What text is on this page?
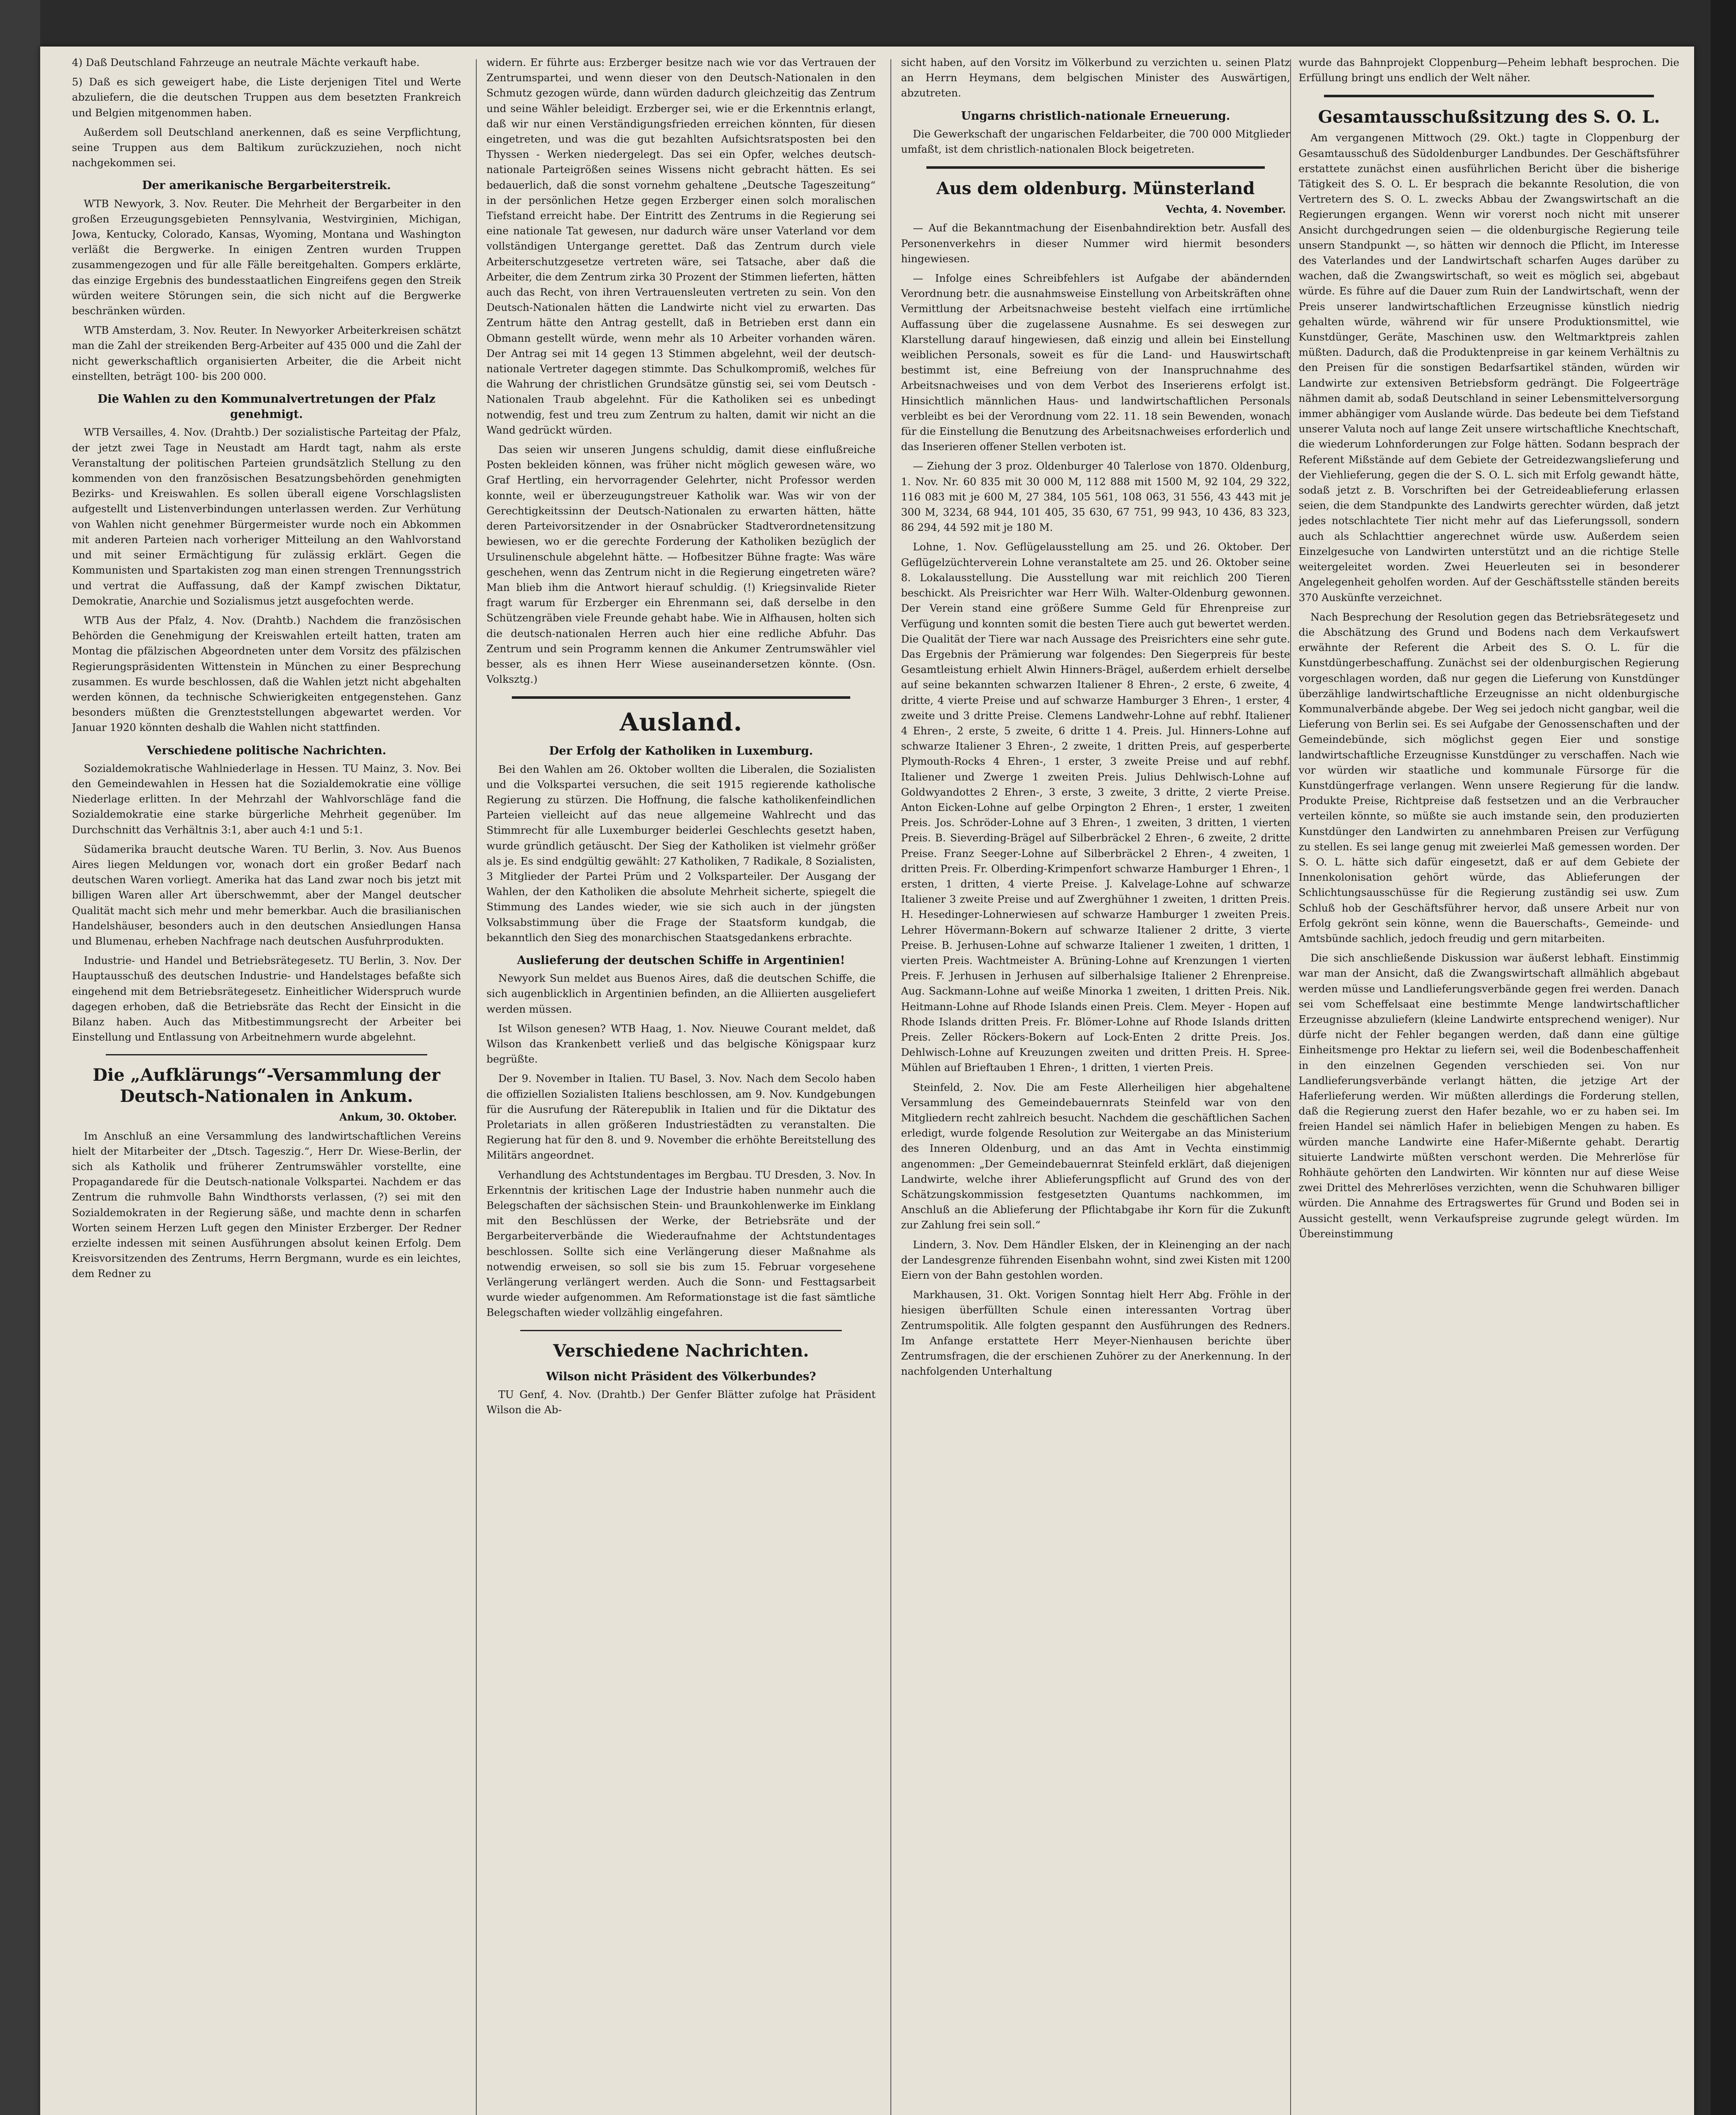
4) Daß Deutschland Fahrzeuge an neutrale Mächte verkauft habe.

5) Daß es sich geweigert habe, die Liste derjenigen Titel und Werte abzuliefern, die die deutschen Truppen aus dem besetzten Frankreich und Belgien mitgenommen haben.

Außerdem soll Deutschland anerkennen, daß es seine Verpflichtung, seine Truppen aus dem Baltikum zurückzuziehen, noch nicht nachgekommen sei.

Der amerikanische Bergarbeiterstreik.

WTB Newyork, 3. Nov. Reuter. Die Mehrheit der Bergarbeiter in den großen Erzeugungsgebieten Pennsylvania, Westvirginien, Michigan, Jowa, Kentucky, Colorado, Kansas, Wyoming, Montana und Washington verläßt die Bergwerke. In einigen Zentren wurden Truppen zusammengezogen und für alle Fälle bereitgehalten. Gompers erklärte, das einzige Ergebnis des bundesstaatlichen Eingreifens gegen den Streik würden weitere Störungen sein, die sich nicht auf die Bergwerke beschränken würden.

WTB Amsterdam, 3. Nov. Reuter. In Newyorker Arbeiterkreisen schätzt man die Zahl der streikenden Berg-Arbeiter auf 435 000 und die Zahl der nicht gewerkschaftlich organisierten Arbeiter, die die Arbeit nicht einstellten, beträgt 100- bis 200 000.

Die Wahlen zu den Kommunalvertretungen der Pfalz genehmigt.

WTB Versailles, 4. Nov. (Drahtb.) Der sozialistische Parteitag der Pfalz, der jetzt zwei Tage in Neustadt am Hardt tagt, nahm als erste Veranstaltung der politischen Parteien grundsätzlich Stellung zu den kommenden von den französischen Besatzungsbehörden genehmigten Bezirks- und Kreiswahlen. Es sollen überall eigene Vorschlagslisten aufgestellt und Listenverbindungen unterlassen werden. Zur Verhütung von Wahlen nicht genehmer Bürgermeister wurde noch ein Abkommen mit anderen Parteien nach vorheriger Mitteilung an den Wahlvorstand und mit seiner Ermächtigung für zulässig erklärt. Gegen die Kommunisten und Spartakisten zog man einen strengen Trennungsstrich und vertrat die Auffassung, daß der Kampf zwischen Diktatur, Demokratie, Anarchie und Sozialismus jetzt ausgefochten werde.

WTB Aus der Pfalz, 4. Nov. (Drahtb.) Nachdem die französischen Behörden die Genehmigung der Kreiswahlen erteilt hatten, traten am Montag die pfälzischen Abgeordneten unter dem Vorsitz des pfälzischen Regierungspräsidenten Wittenstein in München zu einer Besprechung zusammen. Es wurde beschlossen, daß die Wahlen jetzt nicht abgehalten werden können, da technische Schwierigkeiten entgegenstehen. Ganz besonders müßten die Grenzteststellungen abgewartet werden. Vor Januar 1920 könnten deshalb die Wahlen nicht stattfinden.

Verschiedene politische Nachrichten.

Sozialdemokratische Wahlniederlage in Hessen. TU Mainz, 3. Nov. Bei den Gemeindewahlen in Hessen hat die Sozialdemokratie eine völlige Niederlage erlitten. In der Mehrzahl der Wahlvorschläge fand die Sozialdemokratie eine starke bürgerliche Mehrheit gegenüber. Im Durchschnitt das Verhältnis 3:1, aber auch 4:1 und 5:1.

Südamerika braucht deutsche Waren. TU Berlin, 3. Nov. Aus Buenos Aires liegen Meldungen vor, wonach dort ein großer Bedarf nach deutschen Waren vorliegt. Amerika hat das Land zwar noch bis jetzt mit billigen Waren aller Art überschwemmt, aber der Mangel deutscher Qualität macht sich mehr und mehr bemerkbar. Auch die brasilianischen Handelshäuser, besonders auch in den deutschen Ansiedlungen Hansa und Blumenau, erheben Nachfrage nach deutschen Ausfuhrprodukten.

Industrie- und Handel und Betriebsrätegesetz. TU Berlin, 3. Nov. Der Hauptausschuß des deutschen Industrie- und Handelstages befaßte sich eingehend mit dem Betriebsrätegesetz. Einheitlicher Widerspruch wurde dagegen erhoben, daß die Betriebsräte das Recht der Einsicht in die Bilanz haben. Auch das Mitbestimmungsrecht der Arbeiter bei Einstellung und Entlassung von Arbeitnehmern wurde abgelehnt.

Die „Aufklärungs“-Versammlung der Deutsch-Nationalen in Ankum.
Ankum, 30. Oktober.

Im Anschluß an eine Versammlung des landwirtschaftlichen Vereins hielt der Mitarbeiter der „Dtsch. Tageszig.“, Herr Dr. Wiese-Berlin, der sich als Katholik und früherer Zentrumswähler vorstellte, eine Propagandarede für die Deutsch-nationale Volkspartei. Nachdem er das Zentrum die ruhmvolle Bahn Windthorsts verlassen, (?) sei mit den Sozialdemokraten in der Regierung säße, und machte denn in scharfen Worten seinem Herzen Luft gegen den Minister Erzberger. Der Redner erzielte indessen mit seinen Ausführungen absolut keinen Erfolg. Dem Kreisvorsitzenden des Zentrums, Herrn Bergmann, wurde es ein leichtes, dem Redner zu

widern. Er führte aus: Erzberger besitze nach wie vor das Vertrauen der Zentrumspartei, und wenn dieser von den Deutsch-Nationalen in den Schmutz gezogen würde, dann würden dadurch gleichzeitig das Zentrum und seine Wähler beleidigt. Erzberger sei, wie er die Erkenntnis erlangt, daß wir nur einen Verständigungsfrieden erreichen könnten, für diesen eingetreten, und was die gut bezahlten Aufsichtsratsposten bei den Thyssen - Werken niedergelegt. Das sei ein Opfer, welches deutsch-nationale Parteigrößen seines Wissens nicht gebracht hätten. Es sei bedauerlich, daß die sonst vornehm gehaltene „Deutsche Tageszeitung“ in der persönlichen Hetze gegen Erzberger einen solch moralischen Tiefstand erreicht habe. Der Eintritt des Zentrums in die Regierung sei eine nationale Tat gewesen, nur dadurch wäre unser Vaterland vor dem vollständigen Untergange gerettet. Daß das Zentrum durch viele Arbeiterschutzgesetze vertreten wäre, sei Tatsache, aber daß die Arbeiter, die dem Zentrum zirka 30 Prozent der Stimmen lieferten, hätten auch das Recht, von ihren Vertrauensleuten vertreten zu sein. Von den Deutsch-Nationalen hätten die Landwirte nicht viel zu erwarten. Das Zentrum hätte den Antrag gestellt, daß in Betrieben erst dann ein Obmann gestellt würde, wenn mehr als 10 Arbeiter vorhanden wären. Der Antrag sei mit 14 gegen 13 Stimmen abgelehnt, weil der deutsch-nationale Vertreter dagegen stimmte. Das Schulkompromiß, welches für die Wahrung der christlichen Grundsätze günstig sei, sei vom Deutsch - Nationalen Traub abgelehnt. Für die Katholiken sei es unbedingt notwendig, fest und treu zum Zentrum zu halten, damit wir nicht an die Wand gedrückt würden.

Das seien wir unseren Jungens schuldig, damit diese einflußreiche Posten bekleiden können, was früher nicht möglich gewesen wäre, wo Graf Hertling, ein hervorragender Gelehrter, nicht Professor werden konnte, weil er überzeugungstreuer Katholik war. Was wir von der Gerechtigkeitssinn der Deutsch-Nationalen zu erwarten hätten, hätte deren Parteivorsitzender in der Osnabrücker Stadtverordnetensitzung bewiesen, wo er die gerechte Forderung der Katholiken bezüglich der Ursulinenschule abgelehnt hätte. — Hofbesitzer Bühne fragte: Was wäre geschehen, wenn das Zentrum nicht in die Regierung eingetreten wäre? Man blieb ihm die Antwort hierauf schuldig. (!) Kriegsinvalide Rieter fragt warum für Erzberger ein Ehrenmann sei, daß derselbe in den Schützengräben viele Freunde gehabt habe. Wie in Alfhausen, holten sich die deutsch-nationalen Herren auch hier eine redliche Abfuhr. Das Zentrum und sein Programm kennen die Ankumer Zentrumswähler viel besser, als es ihnen Herr Wiese auseinandersetzen könnte. (Osn. Volksztg.)

Ausland.
Der Erfolg der Katholiken in Luxemburg.

Bei den Wahlen am 26. Oktober wollten die Liberalen, die Sozialisten und die Volkspartei versuchen, die seit 1915 regierende katholische Regierung zu stürzen. Die Hoffnung, die falsche katholikenfeindlichen Parteien vielleicht auf das neue allgemeine Wahlrecht und das Stimmrecht für alle Luxemburger beiderlei Geschlechts gesetzt haben, wurde gründlich getäuscht. Der Sieg der Katholiken ist vielmehr größer als je. Es sind endgültig gewählt: 27 Katholiken, 7 Radikale, 8 Sozialisten, 3 Mitglieder der Partei Prüm und 2 Volksparteiler. Der Ausgang der Wahlen, der den Katholiken die absolute Mehrheit sicherte, spiegelt die Stimmung des Landes wieder, wie sie sich auch in der jüngsten Volksabstimmung über die Frage der Staatsform kundgab, die bekanntlich den Sieg des monarchischen Staatsgedankens erbrachte.

Auslieferung der deutschen Schiffe in Argentinien!

Newyork Sun meldet aus Buenos Aires, daß die deutschen Schiffe, die sich augenblicklich in Argentinien befinden, an die Alliierten ausgeliefert werden müssen.

Ist Wilson genesen? WTB Haag, 1. Nov. Nieuwe Courant meldet, daß Wilson das Krankenbett verließ und das belgische Königspaar kurz begrüßte.

Der 9. November in Italien. TU Basel, 3. Nov. Nach dem Secolo haben die offiziellen Sozialisten Italiens beschlossen, am 9. Nov. Kundgebungen für die Ausrufung der Räterepublik in Italien und für die Diktatur des Proletariats in allen größeren Industriestädten zu veranstalten. Die Regierung hat für den 8. und 9. November die erhöhte Bereitstellung des Militärs angeordnet.

Verhandlung des Achtstundentages im Bergbau. TU Dresden, 3. Nov. In Erkenntnis der kritischen Lage der Industrie haben nunmehr auch die Belegschaften der sächsischen Stein- und Braunkohlenwerke im Einklang mit den Beschlüssen der Werke, der Betriebsräte und der Bergarbeiterverbände die Wiederaufnahme der Achtstundentages beschlossen. Sollte sich eine Verlängerung dieser Maßnahme als notwendig erweisen, so soll sie bis zum 15. Februar vorgesehene Verlängerung verlängert werden. Auch die Sonn- und Festtagsarbeit wurde wieder aufgenommen. Am Reformationstage ist die fast sämtliche Belegschaften wieder vollzählig eingefahren.

Verschiedene Nachrichten.
Wilson nicht Präsident des Völkerbundes?

TU Genf, 4. Nov. (Drahtb.) Der Genfer Blätter zufolge hat Präsident Wilson die Ab-

sicht haben, auf den Vorsitz im Völkerbund zu verzichten u. seinen Platz an Herrn Heymans, dem belgischen Minister des Auswärtigen, abzutreten.

Ungarns christlich-nationale Erneuerung.

Die Gewerkschaft der ungarischen Feldarbeiter, die 700 000 Mitglieder umfaßt, ist dem christlich-nationalen Block beigetreten.

Aus dem oldenburg. Münsterland
Vechta, 4. November.

— Auf die Bekanntmachung der Eisenbahndirektion betr. Ausfall des Personenverkehrs in dieser Nummer wird hiermit besonders hingewiesen.

— Infolge eines Schreibfehlers ist Aufgabe der abändernden Verordnung betr. die ausnahmsweise Einstellung von Arbeitskräften ohne Vermittlung der Arbeitsnachweise besteht vielfach eine irrtümliche Auffassung über die zugelassene Ausnahme. Es sei deswegen zur Klarstellung darauf hingewiesen, daß einzig und allein bei Einstellung weiblichen Personals, soweit es für die Land- und Hauswirtschaft bestimmt ist, eine Befreiung von der Inanspruchnahme des Arbeitsnachweises und von dem Verbot des Inserierens erfolgt ist. Hinsichtlich männlichen Haus- und landwirtschaftlichen Personals verbleibt es bei der Verordnung vom 22. 11. 18 sein Bewenden, wonach für die Einstellung die Benutzung des Arbeitsnachweises erforderlich und das Inserieren offener Stellen verboten ist.

— Ziehung der 3 proz. Oldenburger 40 Talerlose von 1870. Oldenburg, 1. Nov. Nr. 60 835 mit 30 000 M, 112 888 mit 1500 M, 92 104, 29 322, 116 083 mit je 600 M, 27 384, 105 561, 108 063, 31 556, 43 443 mit je 300 M, 3234, 68 944, 101 405, 35 630, 67 751, 99 943, 10 436, 83 323, 86 294, 44 592 mit je 180 M.

Lohne, 1. Nov. Geflügelausstellung am 25. und 26. Oktober. Der Geflügelzüchterverein Lohne veranstaltete am 25. und 26. Oktober seine 8. Lokalausstellung. Die Ausstellung war mit reichlich 200 Tieren beschickt. Als Preisrichter war Herr Wilh. Walter-Oldenburg gewonnen. Der Verein stand eine größere Summe Geld für Ehrenpreise zur Verfügung und konnten somit die besten Tiere auch gut bewertet werden. Die Qualität der Tiere war nach Aussage des Preisrichters eine sehr gute. Das Ergebnis der Prämierung war folgendes: Den Siegerpreis für beste Gesamtleistung erhielt Alwin Hinners-Brägel, außerdem erhielt derselbe auf seine bekannten schwarzen Italiener 8 Ehren-, 2 erste, 6 zweite, 4 dritte, 4 vierte Preise und auf schwarze Hamburger 3 Ehren-, 1 erster, 4 zweite und 3 dritte Preise. Clemens Landwehr-Lohne auf rebhf. Italiener 4 Ehren-, 2 erste, 5 zweite, 6 dritte 1 4. Preis. Jul. Hinners-Lohne auf schwarze Italiener 3 Ehren-, 2 zweite, 1 dritten Preis, auf gesperberte Plymouth-Rocks 4 Ehren-, 1 erster, 3 zweite Preise und auf rebhf. Italiener und Zwerge 1 zweiten Preis. Julius Dehlwisch-Lohne auf Goldwyandottes 2 Ehren-, 3 erste, 3 zweite, 3 dritte, 2 vierte Preise. Anton Eicken-Lohne auf gelbe Orpington 2 Ehren-, 1 erster, 1 zweiten Preis. Jos. Schröder-Lohne auf 3 Ehren-, 1 zweiten, 3 dritten, 1 vierten Preis. B. Sieverding-Brägel auf Silberbräckel 2 Ehren-, 6 zweite, 2 dritte Preise. Franz Seeger-Lohne auf Silberbräckel 2 Ehren-, 4 zweiten, 1 dritten Preis. Fr. Olberding-Krimpenfort schwarze Hamburger 1 Ehren-, 1 ersten, 1 dritten, 4 vierte Preise. J. Kalvelage-Lohne auf schwarze Italiener 3 zweite Preise und auf Zwerghühner 1 zweiten, 1 dritten Preis. H. Hesedinger-Lohnerwiesen auf schwarze Hamburger 1 zweiten Preis. Lehrer Hövermann-Bokern auf schwarze Italiener 2 dritte, 3 vierte Preise. B. Jerhusen-Lohne auf schwarze Italiener 1 zweiten, 1 dritten, 1 vierten Preis. Wachtmeister A. Brüning-Lohne auf Krenzungen 1 vierten Preis. F. Jerhusen in Jerhusen auf silberhalsige Italiener 2 Ehrenpreise. Aug. Sackmann-Lohne auf weiße Minorka 1 zweiten, 1 dritten Preis. Nik. Heitmann-Lohne auf Rhode Islands einen Preis. Clem. Meyer - Hopen auf Rhode Islands dritten Preis. Fr. Blömer-Lohne auf Rhode Islands dritten Preis. Zeller Röckers-Bokern auf Lock-Enten 2 dritte Preis. Jos. Dehlwisch-Lohne auf Kreuzungen zweiten und dritten Preis. H. Spree-Mühlen auf Brieftauben 1 Ehren-, 1 dritten, 1 vierten Preis.

Steinfeld, 2. Nov. Die am Feste Allerheiligen hier abgehaltene Versammlung des Gemeindebauernrats Steinfeld war von den Mitgliedern recht zahlreich besucht. Nachdem die geschäftlichen Sachen erledigt, wurde folgende Resolution zur Weitergabe an das Ministerium des Inneren Oldenburg, und an das Amt in Vechta einstimmig angenommen: „Der Gemeindebauernrat Steinfeld erklärt, daß diejenigen Landwirte, welche ihrer Ablieferungspflicht auf Grund des von der Schätzungskommission festgesetzten Quantums nachkommen, im Anschluß an die Ablieferung der Pflichtabgabe ihr Korn für die Zukunft zur Zahlung frei sein soll.“

Lindern, 3. Nov. Dem Händler Elsken, der in Kleinenging an der nach der Landesgrenze führenden Eisenbahn wohnt, sind zwei Kisten mit 1200 Eiern von der Bahn gestohlen worden.

Markhausen, 31. Okt. Vorigen Sonntag hielt Herr Abg. Fröhle in der hiesigen überfüllten Schule einen interessanten Vortrag über Zentrumspolitik. Alle folgten gespannt den Ausführungen des Redners. Im Anfange erstattete Herr Meyer-Nienhausen berichte über Zentrumsfragen, die der erschienen Zuhörer zu der Anerkennung. In der nachfolgenden Unterhaltung

wurde das Bahnprojekt Cloppenburg—Peheim lebhaft besprochen. Die Erfüllung bringt uns endlich der Welt näher.

Gesamtausschußsitzung des S. O. L.

Am vergangenen Mittwoch (29. Okt.) tagte in Cloppenburg der Gesamtausschuß des Südoldenburger Landbundes. Der Geschäftsführer erstattete zunächst einen ausführlichen Bericht über die bisherige Tätigkeit des S. O. L. Er besprach die bekannte Resolution, die von Vertretern des S. O. L. zwecks Abbau der Zwangswirtschaft an die Regierungen ergangen. Wenn wir vorerst noch nicht mit unserer Ansicht durchgedrungen seien — die oldenburgische Regierung teile unsern Standpunkt —, so hätten wir dennoch die Pflicht, im Interesse des Vaterlandes und der Landwirtschaft scharfen Auges darüber zu wachen, daß die Zwangswirtschaft, so weit es möglich sei, abgebaut würde. Es führe auf die Dauer zum Ruin der Landwirtschaft, wenn der Preis unserer landwirtschaftlichen Erzeugnisse künstlich niedrig gehalten würde, während wir für unsere Produktionsmittel, wie Kunstdünger, Geräte, Maschinen usw. den Weltmarktpreis zahlen müßten. Dadurch, daß die Produktenpreise in gar keinem Verhältnis zu den Preisen für die sonstigen Bedarfsartikel ständen, würden wir Landwirte zur extensiven Betriebsform gedrängt. Die Folgeerträge nähmen damit ab, sodaß Deutschland in seiner Lebensmittelversorgung immer abhängiger vom Auslande würde. Das bedeute bei dem Tiefstand unserer Valuta noch auf lange Zeit unsere wirtschaftliche Knechtschaft, die wiederum Lohnforderungen zur Folge hätten. Sodann besprach der Referent Mißstände auf dem Gebiete der Getreidezwangslieferung und der Viehlieferung, gegen die der S. O. L. sich mit Erfolg gewandt hätte, sodaß jetzt z. B. Vorschriften bei der Getreideablieferung erlassen seien, die dem Standpunkte des Landwirts gerechter würden, daß jetzt jedes notschlachtete Tier nicht mehr auf das Lieferungssoll, sondern auch als Schlachttier angerechnet würde usw. Außerdem seien Einzelgesuche von Landwirten unterstützt und an die richtige Stelle weitergeleitet worden. Zwei Heuerleuten sei in besonderer Angelegenheit geholfen worden. Auf der Geschäftsstelle ständen bereits 370 Auskünfte verzeichnet.

Nach Besprechung der Resolution gegen das Betriebsrätegesetz und die Abschätzung des Grund und Bodens nach dem Verkaufswert erwähnte der Referent die Arbeit des S. O. L. für die Kunstdüngerbeschaffung. Zunächst sei der oldenburgischen Regierung vorgeschlagen worden, daß nur gegen die Lieferung von Kunstdünger überzählige landwirtschaftliche Erzeugnisse an nicht oldenburgische Kommunalverbände abgebe. Der Weg sei jedoch nicht gangbar, weil die Lieferung von Berlin sei. Es sei Aufgabe der Genossenschaften und der Gemeindebünde, sich möglichst gegen Eier und sonstige landwirtschaftliche Erzeugnisse Kunstdünger zu verschaffen. Nach wie vor würden wir staatliche und kommunale Fürsorge für die Kunstdüngerfrage verlangen. Wenn unsere Regierung für die landw. Produkte Preise, Richtpreise daß festsetzen und an die Verbraucher verteilen könnte, so müßte sie auch imstande sein, den produzierten Kunstdünger den Landwirten zu annehmbaren Preisen zur Verfügung zu stellen. Es sei lange genug mit zweierlei Maß gemessen worden. Der S. O. L. hätte sich dafür eingesetzt, daß er auf dem Gebiete der Innenkolonisation gehört würde, das Ablieferungen der Schlichtungsausschüsse für die Regierung zuständig sei usw. Zum Schluß hob der Geschäftsführer hervor, daß unsere Arbeit nur von Erfolg gekrönt sein könne, wenn die Bauerschafts-, Gemeinde- und Amtsbünde sachlich, jedoch freudig und gern mitarbeiten.

Die sich anschließende Diskussion war äußerst lebhaft. Einstimmig war man der Ansicht, daß die Zwangswirtschaft allmählich abgebaut werden müsse und Landlieferungsverbände gegen frei werden. Danach sei vom Scheffelsaat eine bestimmte Menge landwirtschaftlicher Erzeugnisse abzuliefern (kleine Landwirte entsprechend weniger). Nur dürfe nicht der Fehler begangen werden, daß dann eine gültige Einheitsmenge pro Hektar zu liefern sei, weil die Bodenbeschaffenheit in den einzelnen Gegenden verschieden sei. Von nur Landlieferungsverbände verlangt hätten, die jetzige Art der Haferlieferung werden. Wir müßten allerdings die Forderung stellen, daß die Regierung zuerst den Hafer bezahle, wo er zu haben sei. Im freien Handel sei nämlich Hafer in beliebigen Mengen zu haben. Es würden manche Landwirte eine Hafer-Mißernte gehabt. Derartig situierte Landwirte müßten verschont werden. Die Mehrerlöse für Rohhäute gehörten den Landwirten. Wir könnten nur auf diese Weise zwei Drittel des Mehrerlöses verzichten, wenn die Schuhwaren billiger würden. Die Annahme des Ertragswertes für Grund und Boden sei in Aussicht gestellt, wenn Verkaufspreise zugrunde gelegt würden. Im Übereinstimmung
